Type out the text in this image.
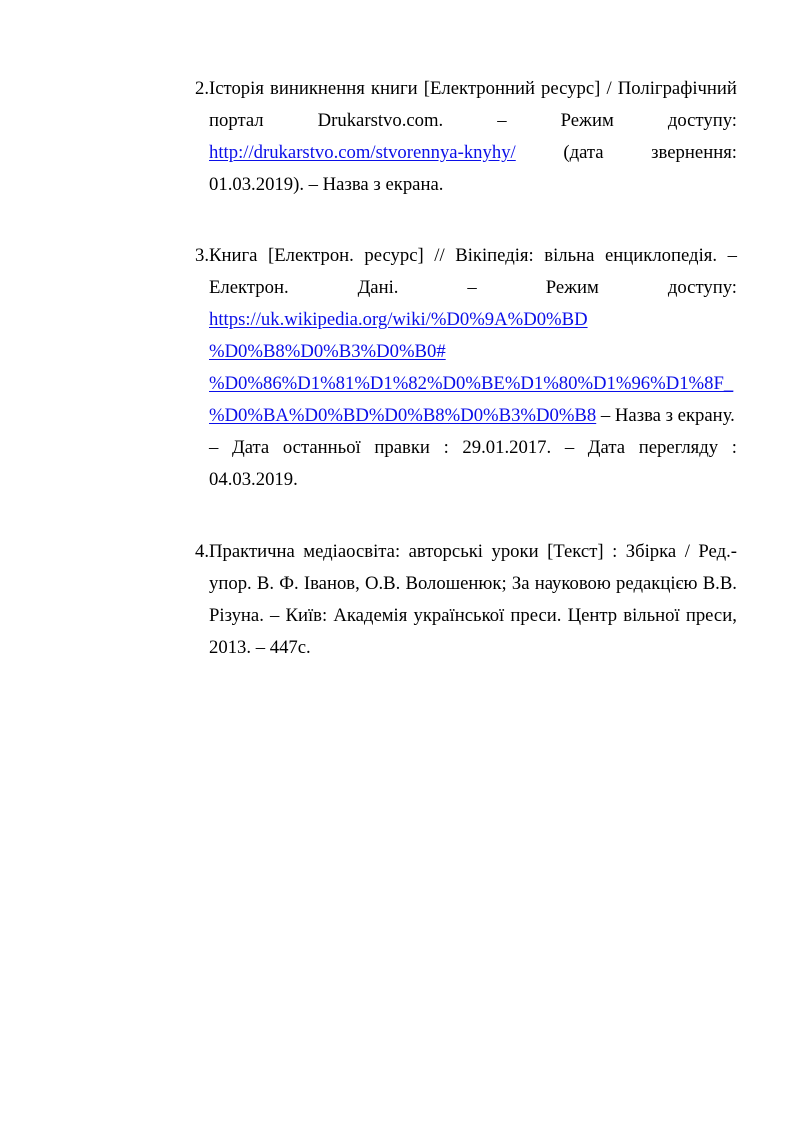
2. Історія виникнення книги [Електронний ресурс] / Поліграфічний
портал	Drukarstvo.com.	–	Режим	доступу:
http://drukarstvo.com/stvorennya-knyhy/	(дата	звернення:
01.03.2019). – Назва з екрана.
3. Книга [Електрон. ресурс] // Вікіпедія: вільна енциклопедія. –
Електрон.	Дані.	–	Режим	доступу:
https://uk.wikipedia.org/wiki/%D0%9A%D0%BD
%D0%B8%D0%B3%D0%B0#
%D0%86%D1%81%D1%82%D0%BE%D1%80%D1%96%D1%8F_
%D0%BA%D0%BD%D0%B8%D0%B3%D0%B8 – Назва з екрану.
– Дата останньої правки : 29.01.2017. – Дата перегляду :
04.03.2019.
4. Практична медіаосвіта: авторські уроки [Текст] : Збірка / Ред.-
упор. В. Ф. Іванов, О.В. Волошенюк; За науковою редакцією В.В.
Різуна. – Київ: Академія української преси. Центр вільної преси,
2013. – 447с.
